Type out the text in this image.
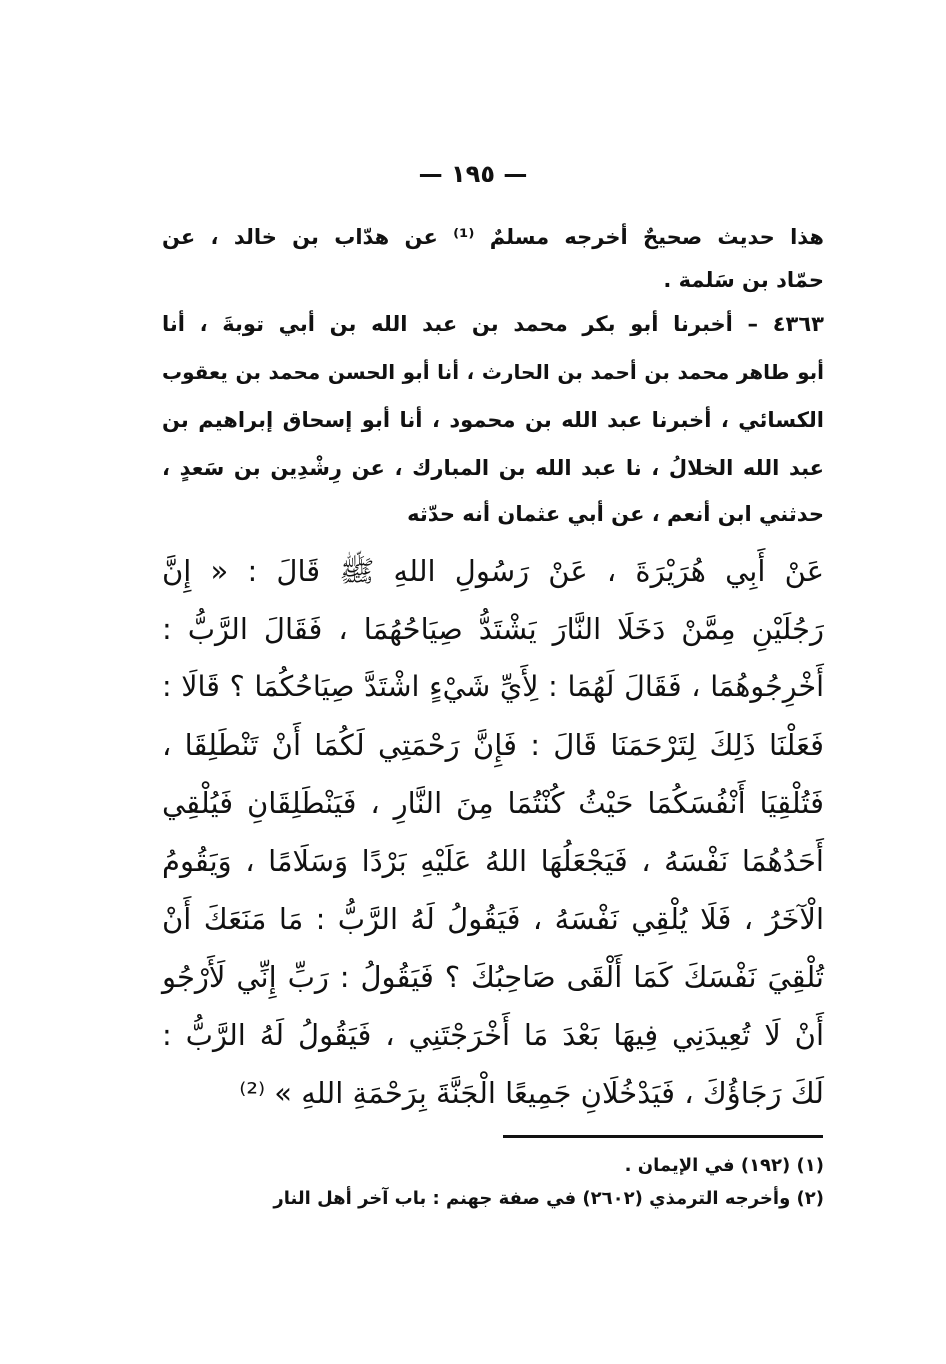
— ١٩٥ —
هذا حديث صحيحٌ أخرجه مسلمٌ ⁽¹⁾ عن هدّاب بن خالد ، عن
حمّاد بن سَلمة .
٤٣٦٣ – أخبرنا أبو بكر محمد بن عبد الله بن أبي توبةَ ، أنا
أبو طاهر محمد بن أحمد بن الحارث ، أنا أبو الحسن محمد بن يعقوب
الكسائي ، أخبرنا عبد الله بن محمود ، أنا أبو إسحاق إبراهيم بن
عبد الله الخلالُ ، نا عبد الله بن المبارك ، عن رِشْدِين بن سَعدٍ ،
حدثني ابن أنعم ، عن أبي عثمان أنه حدّثه
عَنْ أَبِي هُرَيْرَةَ ، عَنْ رَسُولِ اللهِ ﷺ قَالَ : « إِنَّ
رَجُلَيْنِ مِمَّنْ دَخَلَا النَّارَ يَشْتَدُّ صِيَاحُهُمَا ، فَقَالَ الرَّبُّ :
أَخْرِجُوهُمَا ، فَقَالَ لَهُمَا : لِأَيِّ شَيْءٍ اشْتَدَّ صِيَاحُكُمَا ؟ قَالَا :
فَعَلْنَا ذَلِكَ لِتَرْحَمَنَا قَالَ : فَإِنَّ رَحْمَتِي لَكُمَا أَنْ تَنْطَلِقَا ،
فَتُلْقِيَا أَنْفُسَكُمَا حَيْثُ كُنْتُمَا مِنَ النَّارِ ، فَيَنْطَلِقَانِ فَيُلْقِي
أَحَدُهُمَا نَفْسَهُ ، فَيَجْعَلُهَا اللهُ عَلَيْهِ بَرْدًا وَسَلَامًا ، وَيَقُومُ
الْآخَرُ ، فَلَا يُلْقِي نَفْسَهُ ، فَيَقُولُ لَهُ الرَّبُّ : مَا مَنَعَكَ أَنْ
تُلْقِيَ نَفْسَكَ كَمَا أَلْقَى صَاحِبُكَ ؟ فَيَقُولُ : رَبِّ إِنِّي لَأَرْجُو
أَنْ لَا تُعِيدَنِي فِيهَا بَعْدَ مَا أَخْرَجْتَنِي ، فَيَقُولُ لَهُ الرَّبُّ :
لَكَ رَجَاؤُكَ ، فَيَدْخُلَانِ جَمِيعًا الْجَنَّةَ بِرَحْمَةِ اللهِ » ⁽²⁾
(١) (١٩٢) في الإيمان .
(٢) وأخرجه الترمذي (٢٦٠٢) في صفة جهنم : باب آخر أهل النار
